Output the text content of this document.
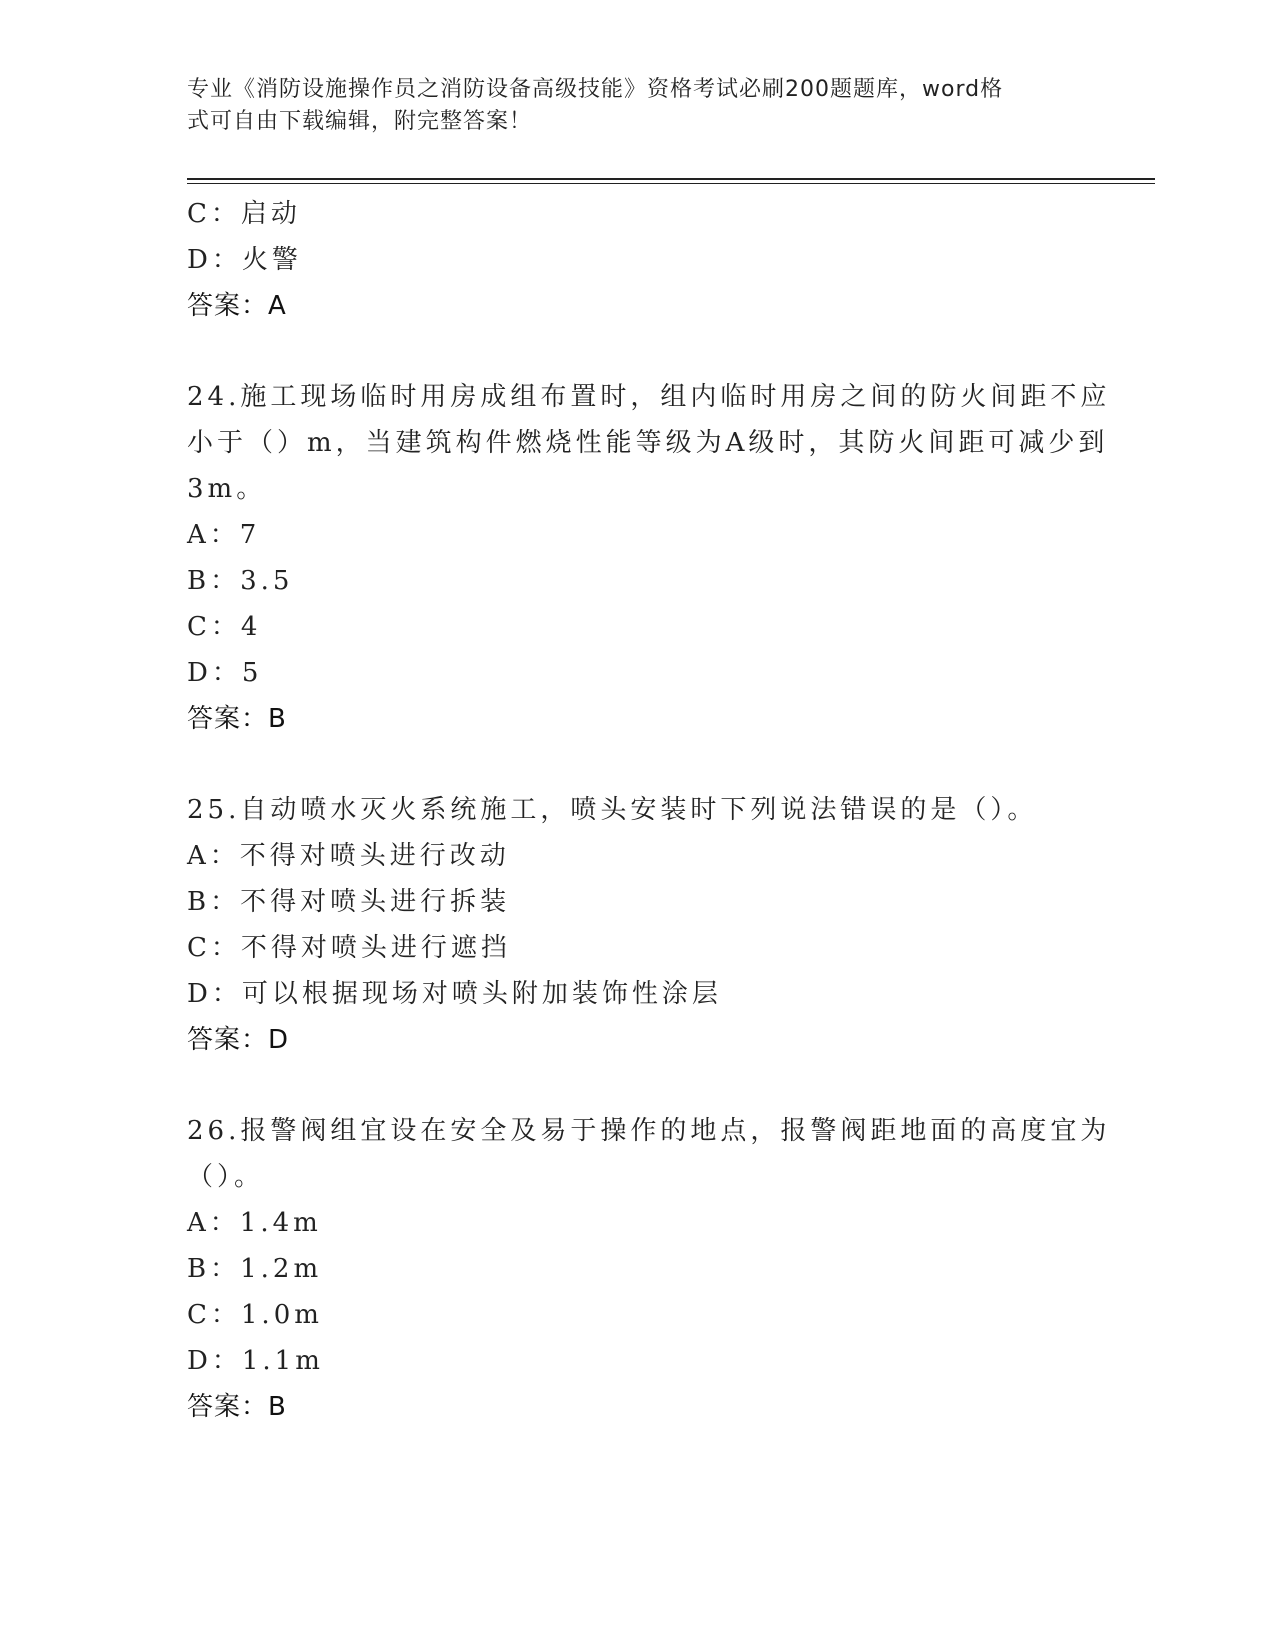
专业《消防设施操作员之消防设备高级技能》资格考试必刷200题题库，word格
式可自由下载编辑，附完整答案！
C：启动
D：火警
答案：A
24.施工现场临时用房成组布置时，组内临时用房之间的防火间距不应
小于（）m，当建筑构件燃烧性能等级为A级时，其防火间距可减少到
3m。
A：7
B：3.5
C：4
D：5
答案：B
25.自动喷水灭火系统施工，喷头安装时下列说法错误的是（）。
A：不得对喷头进行改动
B：不得对喷头进行拆装
C：不得对喷头进行遮挡
D：可以根据现场对喷头附加装饰性涂层
答案：D
26.报警阀组宜设在安全及易于操作的地点，报警阀距地面的高度宜为
（）。
A：1.4m
B：1.2m
C：1.0m
D：1.1m
答案：B
